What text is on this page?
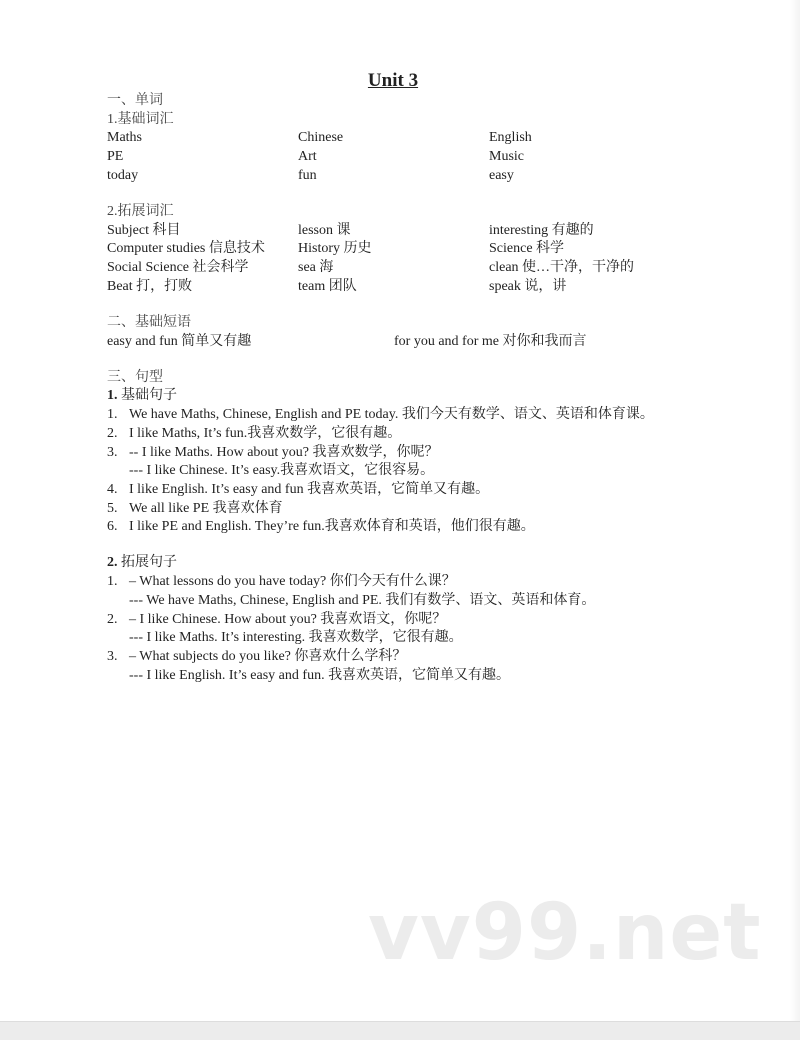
Unit 3
一、单词
1.基础词汇
Maths	Chinese	English
PE	Art	Music
today	fun	easy
2.拓展词汇
Subject 科目	lesson 课	interesting 有趣的
Computer studies 信息技术	History 历史	Science 科学
Social Science 社会科学	sea 海	clean 使…干净，干净的
Beat 打，打败	team 团队	speak 说，讲
二、基础短语
easy and fun 简单又有趣	for you and for me 对你和我而言
三、句型
1. 基础句子
1. We have Maths, Chinese, English and PE today. 我们今天有数学、语文、英语和体育课。
2. I like Maths, It’s fun.我喜欢数学，它很有趣。
3. -- I like Maths. How about you? 我喜欢数学，你呢？
--- I like Chinese. It’s easy.我喜欢语文，它很容易。
4. I like English. It’s easy and fun 我喜欢英语，它简单又有趣。
5. We all like PE 我喜欢体育
6. I like PE and English. They’re fun.我喜欢体育和英语，他们很有趣。
2. 拓展句子
1. – What lessons do you have today? 你们今天有什么课？
--- We have Maths, Chinese, English and PE. 我们有数学、语文、英语和体育。
2. – I like Chinese. How about you? 我喜欢语文，你呢？
--- I like Maths. It’s interesting. 我喜欢数学，它很有趣。
3. – What subjects do you like? 你喜欢什么学科？
--- I like English. It’s easy and fun. 我喜欢英语，它简单又有趣。
vv99.net
